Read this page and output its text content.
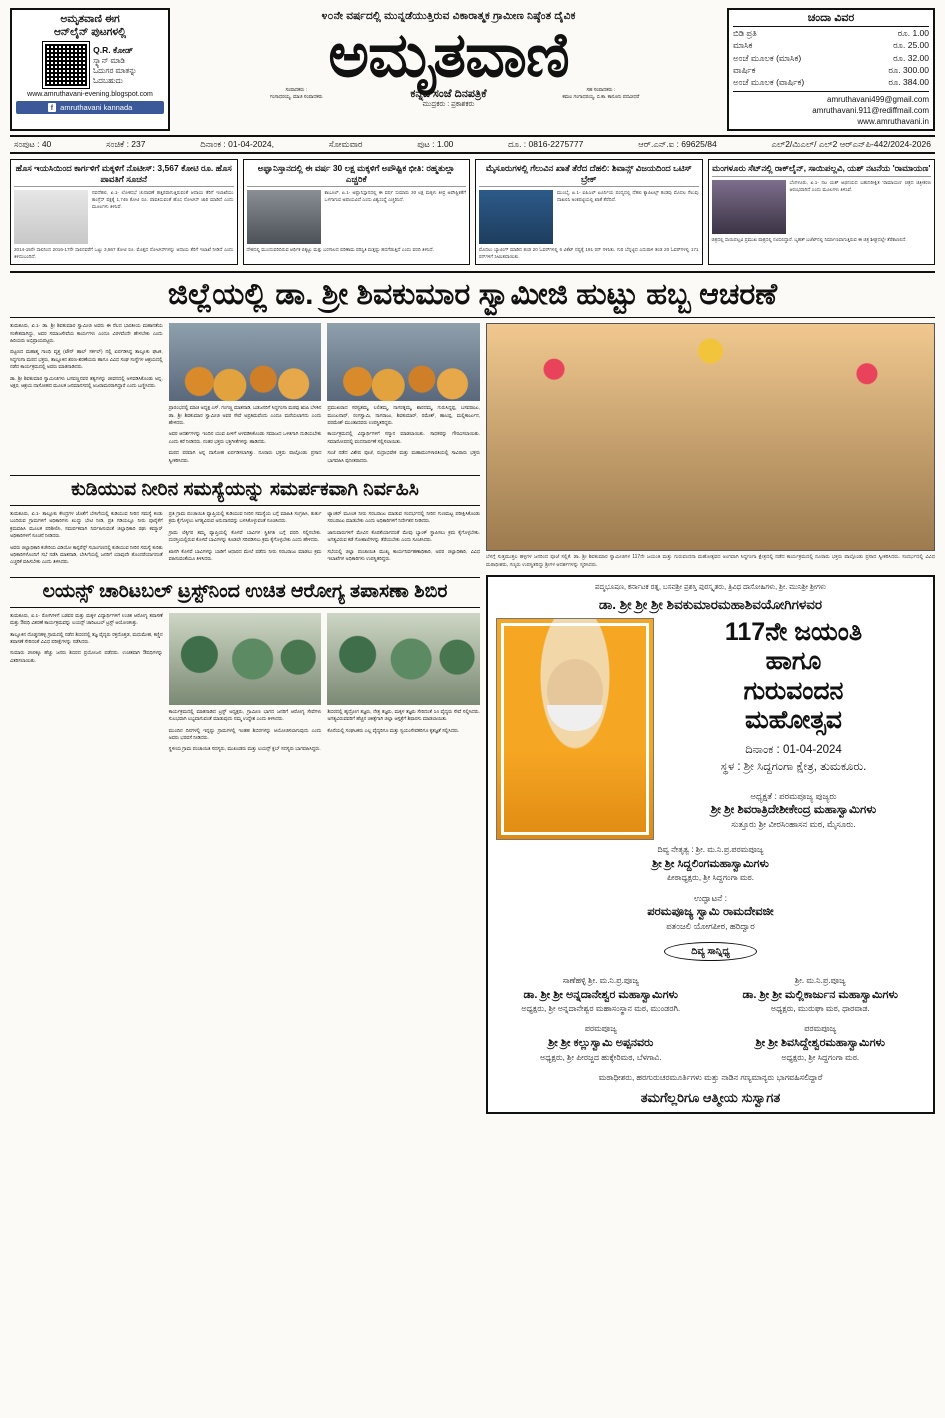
ಅಮೃತವಾಣಿ ಈಗ
ಆನ್‌ಲೈನ್ ಪುಟಗಳಲ್ಲಿ
Q.R. ಕೋಡ್
ಸ್ಕ್ಯಾನ್ ಮಾಡಿ
ಓದುಗರ ಮಾತನ್ನು
ಓದಬಹುದು
www.amruthavani-evening.blogspot.com
f amruthavani kannada
೪೦ನೇ ವರ್ಷದಲ್ಲಿ ಮುನ್ನಡೆಯುತ್ತಿರುವ ವಿಕಾರಾತ್ಮಕ ಗ್ರಾಮೀಣ ನಿಷ್ಠೆಂತ ದೈವಿಕ
ಅಮೃತವಾಣಿ
ಸಂಪಾದಕರು :
ಗಂಗಾಧರಯ್ಯ, ಮಾಜಿ ಸಂಪಾದಕರು	ಕನ್ನಡ ಸಂಜೆ ದಿನಪತ್ರಿಕೆ	ಸಹ ಸಂಪಾದಕರು :
ಕಮಲ ಗಂಗಾಧರಯ್ಯ, ಬಿ.ಕಾ. ಕಾನೂನು ಪದವೀಧರೆ
ಮುದ್ರಕರು : ಪ್ರಕಾಶಕರು
ಚಂದಾ ವಿವರ
ಬಿಡಿ ಪ್ರತಿ	ರೂ. 1.00
ಮಾಸಿಕ	ರೂ. 25.00
ಅಂಚೆ ಮೂಲಕ (ಮಾಸಿಕ)	ರೂ. 32.00
ವಾರ್ಷಿಕ	ರೂ. 300.00
ಅಂಚೆ ಮೂಲಕ (ವಾರ್ಷಿಕ)	ರೂ. 384.00
amruthavani499@gmail.com
amruthavani.911@rediffmail.com
www.amruthavani.in
ಸಂಪುಟ : 40	ಸಂಚಿಕೆ : 237	ದಿನಾಂಕ : 01-04-2024,	ಸೋಮವಾರ	ಪುಟ : 1.00	ದೂ. : 0816-2275777	ಆರ್.ಎನ್.ಐ : 69625/84	ಎಲ್2/ಮಿಎಲ್/ ಎಲ್2 ಆರ್‌ಎನ್‌ಪಿ-442/2024-2026
ಹೊಸ ಇಯಸಿಯಿಂದ ಕಾರ್ಗಳಿಗೆ ಮಕ್ಕಳಿಗೆ ನೊಟೀಸ್: 3,567 ಕೋಟಿ ರೂ. ಹೊಸ ಪಾವತಿಗೆ ಸೂಚನೆ
ನವದೆಹಲಿ, ಏ.1- ಲೋಕಸಭೆ ಚುನಾವಣೆ ಹತ್ತಿರವಾಗುತ್ತಿರುವಂತೆ ಆದಾಯ ತೆರಿಗೆ ಇಲಾಖೆಯು ಕಾಂಗ್ರೆಸ್ ಪಕ್ಷಕ್ಕೆ 1,745 ಕೋಟಿ ರೂ. ಪಾವತಿಸುವಂತೆ ಹೊಸ ನೋಟೀಸ್ ಜಾರಿ ಮಾಡಿದೆ ಎಂದು ಮೂಲಗಳು ತಿಳಿಸಿವೆ.
2014-15ನೇ ಸಾಲಿನಿಂದ 2016-17ನೇ ಸಾಲಿನವರೆಗೆ ಒಟ್ಟು 3,567 ಕೋಟಿ ರೂ. ಮೊತ್ತದ ನೋಟೀಸ್‌ಗಳನ್ನು ಆದಾಯ ತೆರಿಗೆ ಇಲಾಖೆ ನೀಡಿದೆ ಎಂದು ತಿಳಿದುಬಂದಿದೆ.
ಅಫ್ಘಾನಿಸ್ತಾನದಲ್ಲಿ ಈ ವ‌ರ್ಷ 30 ಲಕ್ಷ ಮಕ್ಕಳಿಗೆ ಅಪೌಷ್ಟಿಕ ಭೀತಿ: ರಹ್ಮತುಲ್ಲಾ ಎಚ್ಚರಿಕೆ
ಕಾಬೂಲ್, ಏ.1- ಅಫ್ಘಾನಿಸ್ತಾನದಲ್ಲಿ ಈ ವರ್ಷ ಸುಮಾರು 30 ಲಕ್ಷ ಮಕ್ಕಳು ತೀವ್ರ ಅಪೌಷ್ಟಿಕತೆಗೆ ಒಳಗಾಗುವ ಅಪಾಯವಿದೆ ಎಂದು ವಿಶ್ವಸಂಸ್ಥೆ ಎಚ್ಚರಿಸಿದೆ.
ದೇಶದಲ್ಲಿ ಮುಂದುವರಿದಿರುವ ಆರ್ಥಿಕ ಬಿಕ್ಕಟ್ಟು ಮತ್ತು ಬರಗಾಲದ ಪರಿಣಾಮ ಪರಿಸ್ಥಿತಿ ಮತ್ತಷ್ಟು ಹದಗೆಡುತ್ತಿದೆ ಎಂದು ವರದಿ ತಿಳಿಸಿದೆ.
ಮೈಸೂರುಗಳಲ್ಲಿ ಗೆಲುವಿನ ಖಾತೆ ತೆರೆದ ದೆಹಲಿ: ಶಿವಾನ್ಸ್ ವಿಜಯದಿಂದ ಒಟಿಸ್ ಬ್ರೇಕ್
ಮುಂಬೈ, ಏ.1- ಐಪಿಎಲ್ ಟೂರ್ನಿಯ ಪಂದ್ಯದಲ್ಲಿ ದೆಹಲಿ ಕ್ಯಾಪಿಟಲ್ಸ್ ತಂಡವು ಮೊದಲ ಗೆಲುವು ದಾಖಲಿಸಿ ಅಂಕಪಟ್ಟಿಯಲ್ಲಿ ಖಾತೆ ತೆರೆದಿದೆ.
ಮೊದಲು ಬ್ಯಾಟಿಂಗ್ ಮಾಡಿದ ತಂಡ 20 ಓವರ್‌ಗಳಲ್ಲಿ 6 ವಿಕೆಟ್ ನಷ್ಟಕ್ಕೆ 191 ರನ್ ಗಳಿಸಿತು. ಗುರಿ ಬೆನ್ನಟ್ಟಿದ ಎದುರಾಳಿ ತಂಡ 20 ಓವರ್‌ಗಳಲ್ಲಿ 171 ರನ್‌ಗಳಿಗೆ ಸೀಮಿತವಾಯಿತು.
ಮಂಗಳೂರು ಸೆಟ್‌ನಲ್ಲಿ ರಾಕ್‌ಲೈನ್, ಸಾಯಿಪಲ್ಲವಿ, ಯಶ್ ನಟನೆಯ 'ರಾಮಾಯಣ'
ಬೆಂಗಳೂರು, ಏ.1- ನಟ ಯಶ್ ಅಭಿನಯದ ಬಹುನಿರೀಕ್ಷಿತ 'ರಾಮಾಯಣ' ಚಿತ್ರದ ಚಿತ್ರೀಕರಣ ಆರಂಭವಾಗಿದೆ ಎಂದು ಮೂಲಗಳು ತಿಳಿಸಿವೆ.
ಚಿತ್ರದಲ್ಲಿ ಸಾಯಿಪಲ್ಲವಿ ಪ್ರಮುಖ ಪಾತ್ರದಲ್ಲಿ ನಟಿಸಲಿದ್ದಾರೆ. ಬೃಹತ್ ಬಜೆಟ್‌ನಲ್ಲಿ ನಿರ್ಮಾಣವಾಗುತ್ತಿರುವ ಈ ಚಿತ್ರ ಶೀಘ್ರದಲ್ಲೇ ತೆರೆಕಾಣಲಿದೆ.
ಜಿಲ್ಲೆಯಲ್ಲಿ ಡಾ. ಶ್ರೀ ಶಿವಕುಮಾರ ಸ್ವಾಮೀಜಿ ಹುಟ್ಟು ಹಬ್ಬ ಆಚರಣೆ

ತುಮಕೂರು, ಏ.1- ಡಾ. ಶ್ರೀ ಶಿವಕುಮಾರ ಸ್ವಾಮೀಜಿ ಅವರು ಈ ನೆಲದ ಭಾರತೀಯ ಮಹಾನತೆಯ ಸಂಕೇತವಾಗಿದ್ದು, ಅವರ ಸಮಾಜಸೇವೆಯ ಕಾರ್ಯಗಳು ಎಂದೂ ವಿರಳವೆಂದೇ ಹೇಳಬೇಕು ಎಂದು ಹಿರಿಯರು ಅಭಿಪ್ರಾಯಪಟ್ಟರು.

ಪಟ್ಟಣದ ಮಹಾತ್ಮ ಗಾಂಧಿ ವೃತ್ತ (ಟೌನ್ ಹಾಲ್ ಸರ್ಕಲ್) ನಲ್ಲಿ ಏರ್ಪಡಿಸಿದ್ದ ತಾಲ್ಲೂಕು ಘಟಕ, ಸಿದ್ದಗಂಗಾ ಮಠದ ಭಕ್ತರು, ತಾಲ್ಲೂಕಿನ ಶರಣ-ಶರಣೆಯರು ಹಾಗೂ ವಿವಿಧ ಸಂಘ ಸಂಸ್ಥೆಗಳ ಆಶ್ರಯದಲ್ಲಿ ನಡೆದ ಕಾರ್ಯಕ್ರಮದಲ್ಲಿ ಅವರು ಮಾತನಾಡಿದರು.

ಡಾ. ಶ್ರೀ ಶಿವಕುಮಾರ ಸ್ವಾಮೀಜಿಗಳು ಬಸವಣ್ಣನವರ ತತ್ವಗಳನ್ನು ಜೀವನದಲ್ಲಿ ಅಳವಡಿಸಿಕೊಂಡು ಅನ್ನ, ಅಕ್ಷರ, ಆಶ್ರಯ ದಾಸೋಹದ ಮೂಲಕ ಜನಮಾನಸದಲ್ಲಿ ಅಜರಾಮರರಾಗಿದ್ದಾರೆ ಎಂದು ಬಣ್ಣಿಸಿದರು.

ಪ್ರಾರಂಭದಲ್ಲಿ ಮಾಜಿ ಅಧ್ಯಕ್ಷ ಎಸ್. ಗಂಗಣ್ಣ ಮಾತನಾಡಿ, ಬಡಜನರಿಗೆ ಸಿದ್ದಗಂಗಾ ಮಠವು ಋಷಿ ಬೆಳಕಿನ ಡಾ. ಶ್ರೀ ಶಿವಕುಮಾರ ಸ್ವಾಮೀಜಿ ಅವರ ಸೇವೆ ಅಪ್ರತಿಮವೆಂದು ಎಂದೂ ಮರೆಯಲಾಗದು ಎಂದು ಹೇಳಿದರು.

ಅವರ ಆದರ್ಶಗಳನ್ನು ಇಂದಿನ ಯುವ ಪೀಳಿಗೆ ಅಳವಡಿಸಿಕೊಂಡು ಸಮಾಜದ ಒಳಿತಿಗಾಗಿ ದುಡಿಯಬೇಕು ಎಂದು ಕರೆ ನೀಡಿದರು. ನಂತರ ಭಕ್ತರು ಭಕ್ತಿಗೀತೆಗಳನ್ನು ಹಾಡಿದರು.

ಮಠದ ಪರವಾಗಿ ಅನ್ನ ದಾಸೋಹ ಏರ್ಪಡಿಸಲಾಗಿತ್ತು. ನೂರಾರು ಭಕ್ತರು ಪಾಲ್ಗೊಂಡು ಪ್ರಸಾದ ಸ್ವೀಕರಿಸಿದರು.

ಪ್ರಮುಖರಾದ ಸರಸ್ವತಮ್ಮ, ಲಲಿತಮ್ಮ, ನಾಗರತ್ನಮ್ಮ, ಶಾರದಮ್ಮ, ಗುರುಸಿದ್ದಪ್ಪ, ಬಸವರಾಜು, ಮಂಜುನಾಥ್, ರಂಗಸ್ವಾಮಿ, ನಾಗರಾಜು, ಶಿವಕುಮಾರ್, ರಮೇಶ್, ಹಾಲಪ್ಪ, ಮಲ್ಲಿಕಾರ್ಜುನ, ಪರಮೇಶ್ ಮುಂತಾದವರು ಉಪಸ್ಥಿತರಿದ್ದರು.

ಕಾರ್ಯಕ್ರಮದಲ್ಲಿ ವಿದ್ಯಾರ್ಥಿಗಳಿಗೆ ಸನ್ಮಾನ ಮಾಡಲಾಯಿತು. ಸಾಧಕರನ್ನು ಗೌರವಿಸಲಾಯಿತು. ಸಮಾರೋಪದಲ್ಲಿ ವಂದನಾರ್ಪಣೆ ಸಲ್ಲಿಸಲಾಯಿತು.

ಸಂಜೆ ನಡೆದ ವಿಶೇಷ ಪೂಜೆ, ರುದ್ರಾಭಿಷೇಕ ಮತ್ತು ಮಹಾಮಂಗಳಾರತಿಯಲ್ಲಿ ಸಾವಿರಾರು ಭಕ್ತರು ಭಾಗವಹಿಸಿ ಪುನೀತರಾದರು.

ಕುಡಿಯುವ ನೀರಿನ ಸಮಸ್ಯೆಯನ್ನು ಸಮರ್ಪಕವಾಗಿ ನಿರ್ವಹಿಸಿ

ತುಮಕೂರು, ಏ.1- ತಾಲ್ಲೂಕು ಕೇಂದ್ರಗಳ ಜೊತೆಗೆ ಬೇಸಿಗೆಯಲ್ಲಿ ಕುಡಿಯುವ ನೀರಿನ ಸಮಸ್ಯೆ ಕಂಡು ಬಂದಿರುವ ಗ್ರಾಮಗಳಿಗೆ ಅಧಿಕಾರಿಗಳು ಖುದ್ದು ಭೇಟಿ ನೀಡಿ, ಪ್ರತಿ ಗಡಿಯಲ್ಲೂ ನೀರು ಪೂರೈಕೆಗೆ ಕ್ರಮವಹಿಸಿ ಮೂಲಕ ಪರಿಶೀಲಿಸಿ, ಸಮರ್ಪಕವಾಗಿ ನಿರ್ವಹಿಸುವಂತೆ ಜಿಲ್ಲಾಧಿಕಾರಿ ರಘು ಕಮ್ಮಾರ್ ಅಧಿಕಾರಿಗಳಿಗೆ ಸೂಚನೆ ನೀಡಿದರು.

ಅವರು ಜಿಲ್ಲಾಧಿಕಾರಿ ಕಚೇರಿಯ ವಿಡಿಯೋ ಕಾನ್ಫರೆನ್ಸ್ ಸಭಾಂಗಣದಲ್ಲಿ ಕುಡಿಯುವ ನೀರಿನ ಸಮಸ್ಯೆ ಕುರಿತು ಅಧಿಕಾರಿಗಳೊಂದಿಗೆ ಸಭೆ ನಡೆಸಿ ಮಾತನಾಡಿ, ಬೇಸಿಗೆಯಲ್ಲಿ ಜನರಿಗೆ ಯಾವುದೇ ತೊಂದರೆಯಾಗದಂತೆ ಎಚ್ಚರಿಕೆ ವಹಿಸಬೇಕು ಎಂದು ತಿಳಿಸಿದರು.

ಪ್ರತಿ ಗ್ರಾಮ ಪಂಚಾಯಿತಿ ವ್ಯಾಪ್ತಿಯಲ್ಲಿ ಕುಡಿಯುವ ನೀರಿನ ಸಮಸ್ಯೆಯ ಬಗ್ಗೆ ಮಾಹಿತಿ ಸಂಗ್ರಹಿಸಿ, ತುರ್ತು ಕ್ರಮ ಕೈಗೊಳ್ಳಲು ಅಗತ್ಯವಿರುವ ಅನುದಾನವನ್ನು ಬಳಸಿಕೊಳ್ಳುವಂತೆ ಸೂಚಿಸಿದರು.

ಗ್ರಾಮ ಲೆಕ್ಕಿಗರ ತಮ್ಮ ವ್ಯಾಪ್ತಿಯಲ್ಲಿ ಕೊಳವೆ ಬಾವಿಗಳ ಸ್ಥಿತಿಗತಿ ಬಗ್ಗೆ ವರದಿ ಸಲ್ಲಿಸಬೇಕು. ದುರಸ್ತಿಯಲ್ಲಿರುವ ಕೊಳವೆ ಬಾವಿಗಳನ್ನು ಕೂಡಲೇ ಸರಿಪಡಿಸಲು ಕ್ರಮ ಕೈಗೊಳ್ಳಬೇಕು ಎಂದು ಹೇಳಿದರು.

ಖಾಸಗಿ ಕೊಳವೆ ಬಾವಿಗಳನ್ನು ಬಾಡಿಗೆ ಆಧಾರದ ಮೇಲೆ ಪಡೆದು ನೀರು ಸರಬರಾಜು ಮಾಡಲು ಕ್ರಮ ವಹಿಸುವಂತೆಯೂ ತಿಳಿಸಿದರು.

ಟ್ಯಾಂಕರ್ ಮೂಲಕ ನೀರು ಸರಬರಾಜು ಮಾಡುವ ಸಂದರ್ಭದಲ್ಲಿ ನೀರಿನ ಗುಣಮಟ್ಟ ಪರೀಕ್ಷಿಸಿಕೊಂಡು ಸರಬರಾಜು ಮಾಡಬೇಕು ಎಂದು ಅಧಿಕಾರಿಗಳಿಗೆ ನಿರ್ದೇಶನ ನೀಡಿದರು.

ಜಾನುವಾರುಗಳಿಗೆ ಮೇವಿನ ಕೊರತೆಯಾಗದಂತೆ ಮೇವು ಬ್ಯಾಂಕ್ ಸ್ಥಾಪಿಸಲು ಕ್ರಮ ಕೈಗೊಳ್ಳಬೇಕು. ಅಗತ್ಯವಿರುವ ಕಡೆ ಗೋಶಾಲೆಗಳನ್ನು ತೆರೆಯಬೇಕು ಎಂದು ಸೂಚಿಸಿದರು.

ಸಭೆಯಲ್ಲಿ ಜಿಲ್ಲಾ ಪಂಚಾಯಿತಿ ಮುಖ್ಯ ಕಾರ್ಯನಿರ್ವಹಣಾಧಿಕಾರಿ, ಅಪರ ಜಿಲ್ಲಾಧಿಕಾರಿ, ವಿವಿಧ ಇಲಾಖೆಗಳ ಅಧಿಕಾರಿಗಳು ಉಪಸ್ಥಿತರಿದ್ದರು.

ಲಯನ್ಸ್ ಚಾರಿಟಬಲ್ ಟ್ರಸ್ಟ್‌ನಿಂದ ಉಚಿತ ಆರೋಗ್ಯ ತಪಾಸಣಾ ಶಿಬಿರ

ತುಮಕೂರು, ಏ.1- ರೋಗಿಗಳಿಗೆ ಬಡವರ ಮತ್ತು ಮಕ್ಕಳ ವಿದ್ಯಾರ್ಥಿಗಳಿಗೆ ಉಚಿತ ಆರೋಗ್ಯ ತಪಾಸಣೆ ಮತ್ತು ಔಷಧಿ ವಿತರಣೆ ಕಾರ್ಯಕ್ರಮವನ್ನು ಲಯನ್ಸ್ ಚಾರಿಟಬಲ್ ಟ್ರಸ್ಟ್ ಆಯೋಜಿಸಿತ್ತು.

ತಾಲ್ಲೂಕಿನ ದೊಡ್ಡನಹಳ್ಳಿ ಗ್ರಾಮದಲ್ಲಿ ನಡೆದ ಶಿಬಿರದಲ್ಲಿ ತಜ್ಞ ವೈದ್ಯರು ರಕ್ತದೊತ್ತಡ, ಮಧುಮೇಹ, ಕಣ್ಣಿನ ತಪಾಸಣೆ ಸೇರಿದಂತೆ ವಿವಿಧ ಪರೀಕ್ಷೆಗಳನ್ನು ನಡೆಸಿದರು.

ಸುಮಾರು 250ಕ್ಕೂ ಹೆಚ್ಚು ಜನರು ಶಿಬಿರದ ಪ್ರಯೋಜನ ಪಡೆದರು. ಉಚಿತವಾಗಿ ಔಷಧಿಗಳನ್ನು ವಿತರಿಸಲಾಯಿತು.

ಕಾರ್ಯಕ್ರಮದಲ್ಲಿ ಮಾತನಾಡಿದ ಟ್ರಸ್ಟ್ ಅಧ್ಯಕ್ಷರು, ಗ್ರಾಮೀಣ ಭಾಗದ ಜನರಿಗೆ ಆರೋಗ್ಯ ಸೇವೆಗಳು ಸುಲಭವಾಗಿ ಲಭ್ಯವಾಗುವಂತೆ ಮಾಡುವುದು ನಮ್ಮ ಉದ್ದೇಶ ಎಂದು ತಿಳಿಸಿದರು.

ಮುಂದಿನ ದಿನಗಳಲ್ಲಿ ಇನ್ನಷ್ಟು ಗ್ರಾಮಗಳಲ್ಲಿ ಇಂತಹ ಶಿಬಿರಗಳನ್ನು ಆಯೋಜಿಸಲಾಗುವುದು ಎಂದು ಅವರು ಭರವಸೆ ನೀಡಿದರು.

ಸ್ಥಳೀಯ ಗ್ರಾಮ ಪಂಚಾಯಿತಿ ಸದಸ್ಯರು, ಮುಖಂಡರು ಮತ್ತು ಲಯನ್ಸ್ ಕ್ಲಬ್ ಸದಸ್ಯರು ಭಾಗವಹಿಸಿದ್ದರು.

ಶಿಬಿರದಲ್ಲಿ ಹೃದ್ರೋಗ ತಜ್ಞರು, ನೇತ್ರ ತಜ್ಞರು, ಮಕ್ಕಳ ತಜ್ಞರು ಸೇರಿದಂತೆ 14 ವೈದ್ಯರು ಸೇವೆ ಸಲ್ಲಿಸಿದರು. ಅಗತ್ಯವಿರುವವರಿಗೆ ಹೆಚ್ಚಿನ ಚಿಕಿತ್ಸೆಗಾಗಿ ಜಿಲ್ಲಾ ಆಸ್ಪತ್ರೆಗೆ ಶಿಫಾರಸು ಮಾಡಲಾಯಿತು.

ಕೊನೆಯಲ್ಲಿ ಸಂಘಟಕರು ಎಲ್ಲ ವೈದ್ಯರಿಗೂ ಮತ್ತು ಸ್ವಯಂಸೇವಕರಿಗೂ ಕೃತಜ್ಞತೆ ಸಲ್ಲಿಸಿದರು.

ಬೆಳಗ್ಗೆ ಸುತ್ತಮುತ್ತಲ ಹಳ್ಳಿಗಳ ಜನರಿಂದ ಪೂಜೆ ಸಲ್ಲಿಕೆ. ಡಾ. ಶ್ರೀ ಶಿವಕುಮಾರ ಸ್ವಾಮೀಜಿಗಳ 117ನೇ ಜಯಂತಿ ಮತ್ತು ಗುರುವಂದನಾ ಮಹೋತ್ಸವದ ಅಂಗವಾಗಿ ಸಿದ್ದಗಂಗಾ ಕ್ಷೇತ್ರದಲ್ಲಿ ನಡೆದ ಕಾರ್ಯಕ್ರಮದಲ್ಲಿ ನೂರಾರು ಭಕ್ತರು ಪಾಲ್ಗೊಂಡು ಪ್ರಸಾದ ಸ್ವೀಕರಿಸಿದರು. ಸಂದರ್ಭದಲ್ಲಿ ವಿವಿಧ ಮಠಾಧೀಶರು, ಗಣ್ಯರು ಉಪಸ್ಥಿತರಿದ್ದು ಶ್ರೀಗಳ ಆದರ್ಶಗಳನ್ನು ಸ್ಮರಿಸಿದರು.
ಪದ್ಮಭೂಷಣ, ಕರ್ನಾಟಕ ರತ್ನ, ಬಸವಶ್ರೀ ಪ್ರಶಸ್ತಿ ಪುರಸ್ಕೃತರು, ತ್ರಿವಿಧ ದಾಸೋಹಿಗಳು, ಶ್ರೀ. ಮುನಿಶ್ರೀ ಶ್ರೀಗಳು
ಡಾ. ಶ್ರೀ ಶ್ರೀ ಶ್ರೀ ಶಿವಕುಮಾರಮಹಾಶಿವಯೋಗಿಗಳವರ
117ನೇ ಜಯಂತಿ
ಹಾಗೂ
ಗುರುವಂದನ
ಮಹೋತ್ಸವ
ದಿನಾಂಕ : 01-04-2024
ಸ್ಥಳ : ಶ್ರೀ ಸಿದ್ದಗಂಗಾ ಕ್ಷೇತ್ರ, ತುಮಕೂರು.
ಅಧ್ಯಕ್ಷತೆ : ಪರಮಪೂಜ್ಯ ಪುಜ್ಯರು
ಶ್ರೀ ಶ್ರೀ ಶಿವರಾತ್ರಿದೇಶೀಕೇಂದ್ರ ಮಹಾಸ್ವಾಮಿಗಳು
ಸುತ್ತೂರು ಶ್ರೀ ವೀರಸಿಂಹಾಸನ ಮಠ, ಮೈಸೂರು.
ದಿವ್ಯ ನೇತೃತ್ವ : ಶ್ರೀ. ಮ.ನಿ.ಪ್ರ.ಪರಮಪೂಜ್ಯ
ಶ್ರೀ ಶ್ರೀ ಸಿದ್ದಲಿಂಗಮಹಾಸ್ವಾಮಿಗಳು
ಪೀಠಾಧ್ಯಕ್ಷರು, ಶ್ರೀ ಸಿದ್ದಗಂಗಾ ಮಠ.
ಉದ್ಘಾಟನೆ :
ಪರಮಪೂಜ್ಯ ಸ್ವಾಮಿ ರಾಮದೇವಜೀ
ಪತಂಜಲಿ ಯೋಗಪೀಠ, ಹರಿದ್ವಾರ
ದಿವ್ಯ ಸಾನ್ನಿಧ್ಯ
ಸಾಣೆಹಳ್ಳಿ ಶ್ರೀ. ಮ.ನಿ.ಪ್ರ.ಪೂಜ್ಯ
ಡಾ. ಶ್ರೀ ಶ್ರೀ ಅನ್ನದಾನೇಶ್ವರ ಮಹಾಸ್ವಾಮಿಗಳು
ಅಧ್ಯಕ್ಷರು, ಶ್ರೀ ಅನ್ನದಾನೇಶ್ವರ ಮಹಾಸಂಸ್ಥಾನ ಮಠ, ಮುಂಡರಗಿ.
ಶ್ರೀ. ಮ.ನಿ.ಪ್ರ.ಪೂಜ್ಯ
ಡಾ. ಶ್ರೀ ಶ್ರೀ ಮಲ್ಲಿಕಾರ್ಜುನ ಮಹಾಸ್ವಾಮಿಗಳು
ಅಧ್ಯಕ್ಷರು, ಮುರುಘಾ ಮಠ, ಧಾರವಾಡ.
ಪರಮಪೂಜ್ಯ
ಶ್ರೀ ಶ್ರೀ ಕಲ್ಲುಸ್ವಾಮಿ ಅಪ್ಪನವರು
ಅಧ್ಯಕ್ಷರು, ಶ್ರೀ ಪೀರಜ್ಜದ ಹುಕ್ಕೇರಿಮಠ, ಬೆಳಗಾವಿ.
ಪರಮಪೂಜ್ಯ
ಶ್ರೀ ಶ್ರೀ ಶಿವಸಿದ್ದೇಶ್ವರಮಹಾಸ್ವಾಮಿಗಳು
ಅಧ್ಯಕ್ಷರು, ಶ್ರೀ ಸಿದ್ದಗಂಗಾ ಮಠ.
ಮಠಾಧೀಶರು, ಹರಗುರುಚರಮೂರ್ತಿಗಳು ಮತ್ತು ನಾಡಿನ ಗಣ್ಯಮಾನ್ಯರು ಭಾಗವಹಿಸಲಿದ್ದಾರೆ
ತಮಗೆಲ್ಲರಿಗೂ ಆತ್ಮೀಯ ಸುಸ್ವಾಗತ
